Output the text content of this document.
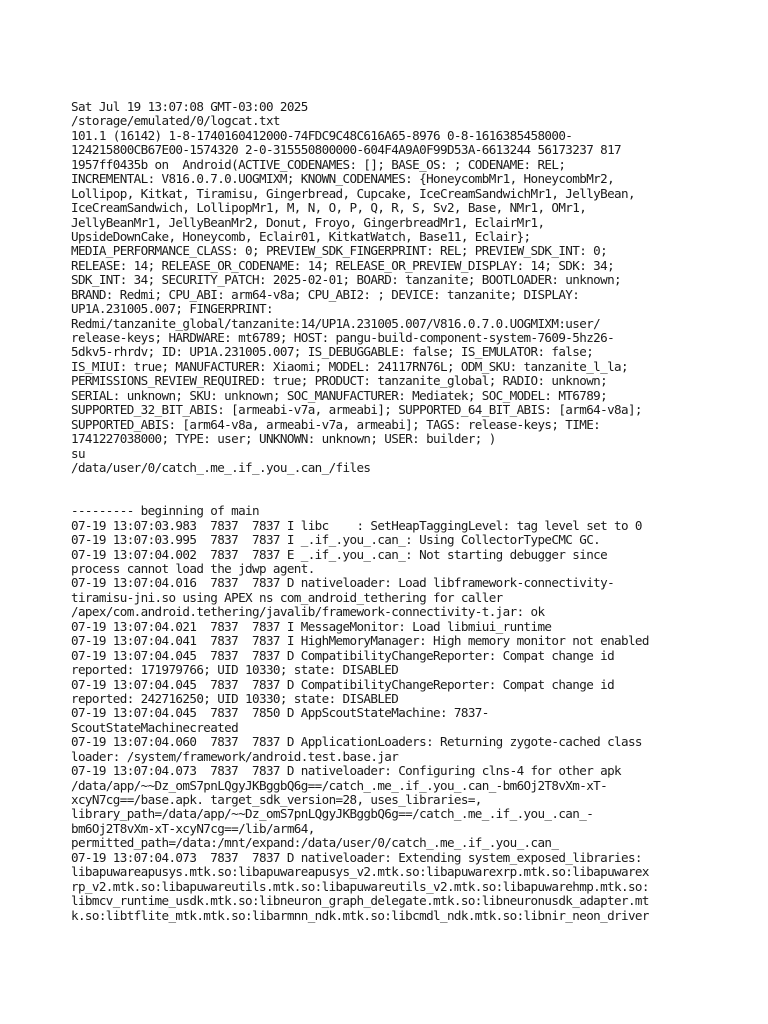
Sat Jul 19 13:07:08 GMT-03:00 2025
/storage/emulated/0/logcat.txt
101.1 (16142) 1-8-1740160412000-74FDC9C48C616A65-8976 0-8-1616385458000-
124215800CB67E00-1574320 2-0-315550800000-604F4A9A0F99D53A-6613244 56173237 817
1957ff0435b on  Android(ACTIVE_CODENAMES: []; BASE_OS: ; CODENAME: REL;
INCREMENTAL: V816.0.7.0.UOGMIXM; KNOWN_CODENAMES: {HoneycombMr1, HoneycombMr2,
Lollipop, Kitkat, Tiramisu, Gingerbread, Cupcake, IceCreamSandwichMr1, JellyBean,
IceCreamSandwich, LollipopMr1, M, N, O, P, Q, R, S, Sv2, Base, NMr1, OMr1,
JellyBeanMr1, JellyBeanMr2, Donut, Froyo, GingerbreadMr1, EclairMr1,
UpsideDownCake, Honeycomb, Eclair01, KitkatWatch, Base11, Eclair};
MEDIA_PERFORMANCE_CLASS: 0; PREVIEW_SDK_FINGERPRINT: REL; PREVIEW_SDK_INT: 0;
RELEASE: 14; RELEASE_OR_CODENAME: 14; RELEASE_OR_PREVIEW_DISPLAY: 14; SDK: 34;
SDK_INT: 34; SECURITY_PATCH: 2025-02-01; BOARD: tanzanite; BOOTLOADER: unknown;
BRAND: Redmi; CPU_ABI: arm64-v8a; CPU_ABI2: ; DEVICE: tanzanite; DISPLAY:
UP1A.231005.007; FINGERPRINT:
Redmi/tanzanite_global/tanzanite:14/UP1A.231005.007/V816.0.7.0.UOGMIXM:user/
release-keys; HARDWARE: mt6789; HOST: pangu-build-component-system-7609-5hz26-
5dkv5-rhrdv; ID: UP1A.231005.007; IS_DEBUGGABLE: false; IS_EMULATOR: false;
IS_MIUI: true; MANUFACTURER: Xiaomi; MODEL: 24117RN76L; ODM_SKU: tanzanite_l_la;
PERMISSIONS_REVIEW_REQUIRED: true; PRODUCT: tanzanite_global; RADIO: unknown;
SERIAL: unknown; SKU: unknown; SOC_MANUFACTURER: Mediatek; SOC_MODEL: MT6789;
SUPPORTED_32_BIT_ABIS: [armeabi-v7a, armeabi]; SUPPORTED_64_BIT_ABIS: [arm64-v8a];
SUPPORTED_ABIS: [arm64-v8a, armeabi-v7a, armeabi]; TAGS: release-keys; TIME:
1741227038000; TYPE: user; UNKNOWN: unknown; USER: builder; )
su
/data/user/0/catch_.me_.if_.you_.can_/files
--------- beginning of main
07-19 13:07:03.983  7837  7837 I libc    : SetHeapTaggingLevel: tag level set to 0
07-19 13:07:03.995  7837  7837 I _.if_.you_.can_: Using CollectorTypeCMC GC.
07-19 13:07:04.002  7837  7837 E _.if_.you_.can_: Not starting debugger since
process cannot load the jdwp agent.
07-19 13:07:04.016  7837  7837 D nativeloader: Load libframework-connectivity-
tiramisu-jni.so using APEX ns com_android_tethering for caller
/apex/com.android.tethering/javalib/framework-connectivity-t.jar: ok
07-19 13:07:04.021  7837  7837 I MessageMonitor: Load libmiui_runtime
07-19 13:07:04.041  7837  7837 I HighMemoryManager: High memory monitor not enabled
07-19 13:07:04.045  7837  7837 D CompatibilityChangeReporter: Compat change id
reported: 171979766; UID 10330; state: DISABLED
07-19 13:07:04.045  7837  7837 D CompatibilityChangeReporter: Compat change id
reported: 242716250; UID 10330; state: DISABLED
07-19 13:07:04.045  7837  7850 D AppScoutStateMachine: 7837-
ScoutStateMachinecreated
07-19 13:07:04.060  7837  7837 D ApplicationLoaders: Returning zygote-cached class
loader: /system/framework/android.test.base.jar
07-19 13:07:04.073  7837  7837 D nativeloader: Configuring clns-4 for other apk
/data/app/~~Dz_omS7pnLQgyJKBggbQ6g==/catch_.me_.if_.you_.can_-bm6Oj2T8vXm-xT-
xcyN7cg==/base.apk. target_sdk_version=28, uses_libraries=,
library_path=/data/app/~~Dz_omS7pnLQgyJKBggbQ6g==/catch_.me_.if_.you_.can_-
bm6Oj2T8vXm-xT-xcyN7cg==/lib/arm64,
permitted_path=/data:/mnt/expand:/data/user/0/catch_.me_.if_.you_.can_
07-19 13:07:04.073  7837  7837 D nativeloader: Extending system_exposed_libraries:
libapuwareapusys.mtk.so:libapuwareapusys_v2.mtk.so:libapuwarexrp.mtk.so:libapuwarex
rp_v2.mtk.so:libapuwareutils.mtk.so:libapuwareutils_v2.mtk.so:libapuwarehmp.mtk.so:
libmcv_runtime_usdk.mtk.so:libneuron_graph_delegate.mtk.so:libneuronusdk_adapter.mt
k.so:libtflite_mtk.mtk.so:libarmnn_ndk.mtk.so:libcmdl_ndk.mtk.so:libnir_neon_driver
